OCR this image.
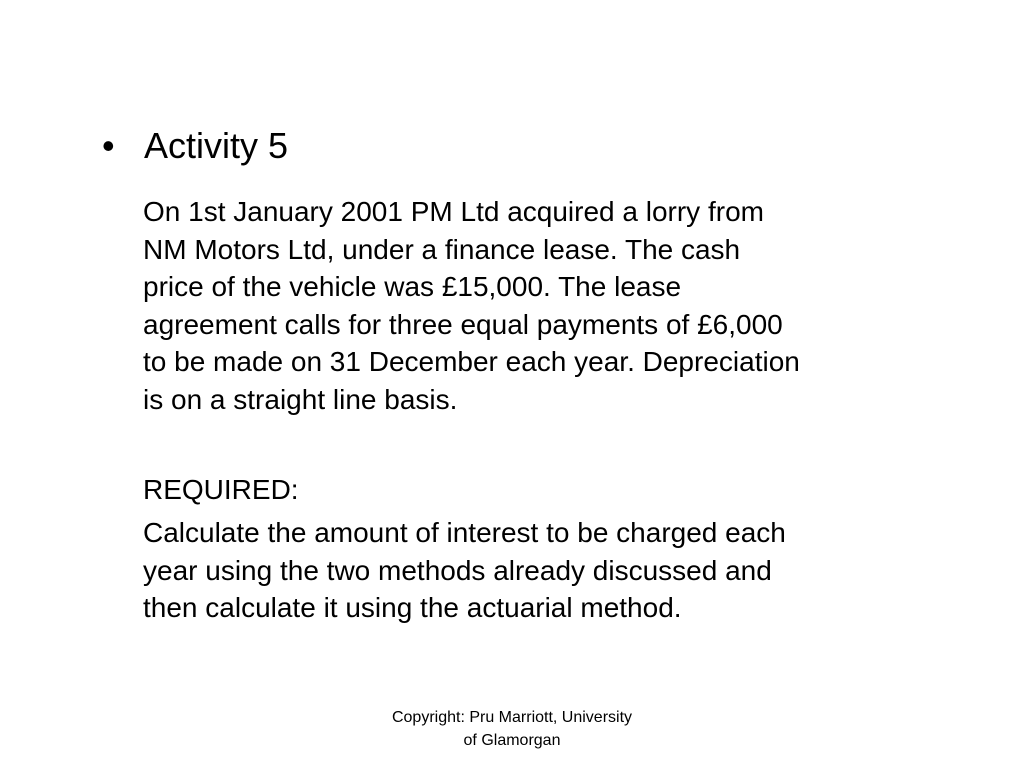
• Activity 5
On 1st January 2001 PM Ltd acquired a lorry from
NM Motors Ltd, under a finance lease. The cash
price of the vehicle was £15,000. The lease
agreement calls for three equal payments of £6,000
to be made on 31 December each year. Depreciation
is on a straight line basis.
REQUIRED:
Calculate the amount of interest to be charged each
year using the two methods already discussed and
then calculate it using the actuarial method.
Copyright: Pru Marriott, University
of Glamorgan
